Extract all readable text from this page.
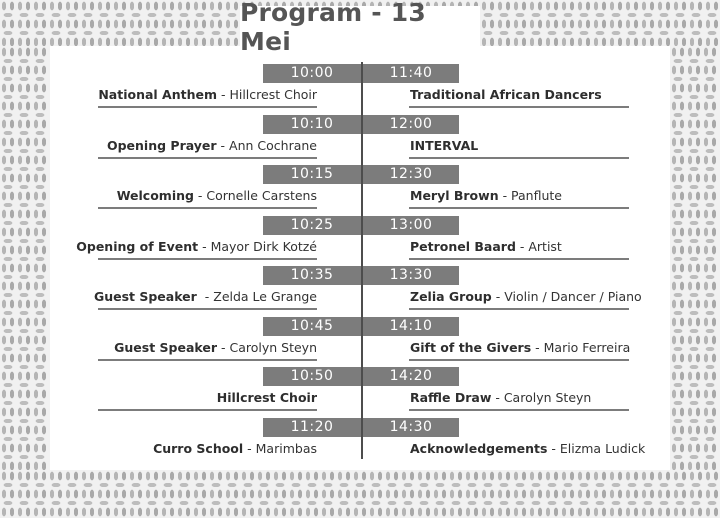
Program - 13 Mei
10:00
National Anthem - Hillcrest Choir
10:10
Opening Prayer - Ann Cochrane
10:15
Welcoming - Cornelle Carstens
10:25
Opening of Event - Mayor Dirk Kotzé
10:35
Guest Speaker  - Zelda Le Grange
10:45
Guest Speaker - Carolyn Steyn
10:50
Hillcrest Choir
11:20
Curro School - Marimbas
11:40
Traditional African Dancers
12:00
INTERVAL
12:30
Meryl Brown - Panflute
13:00
Petronel Baard - Artist
13:30
Zelia Group - Violin / Dancer / Piano
14:10
Gift of the Givers - Mario Ferreira
14:20
Raffle Draw - Carolyn Steyn
14:30
Acknowledgements - Elizma Ludick
